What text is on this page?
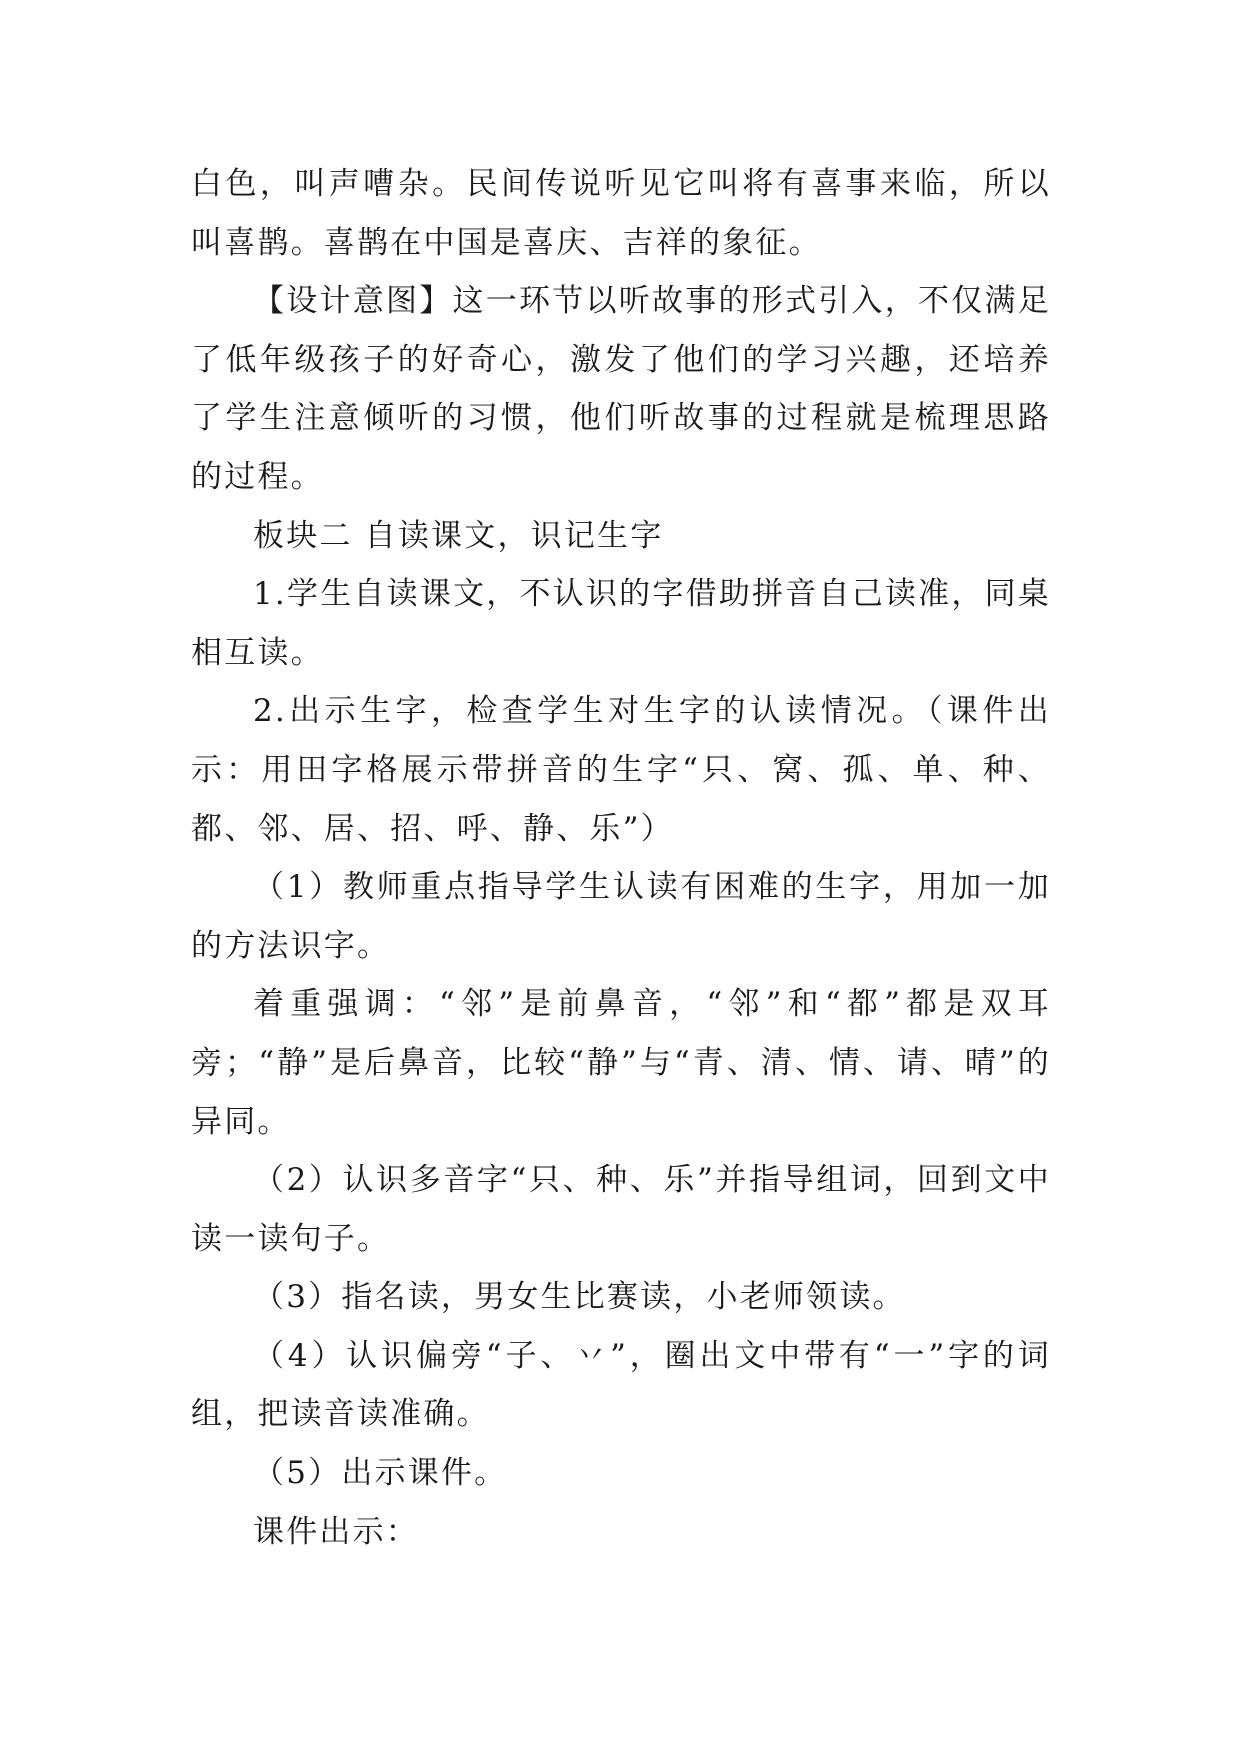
白色，叫声嘈杂。民间传说听见它叫将有喜事来临，所以叫喜鹊。喜鹊在中国是喜庆、吉祥的象征。

【设计意图】这一环节以听故事的形式引入，不仅满足了低年级孩子的好奇心，激发了他们的学习兴趣，还培养了学生注意倾听的习惯，他们听故事的过程就是梳理思路的过程。

板块二 自读课文，识记生字

1.学生自读课文，不认识的字借助拼音自己读准，同桌相互读。

2.出示生字，检查学生对生字的认读情况。（课件出示：用田字格展示带拼音的生字“只、窝、孤、单、种、都、邻、居、招、呼、静、乐”）

（1）教师重点指导学生认读有困难的生字，用加一加的方法识字。

着重强调：“邻”是前鼻音，“邻”和“都”都是双耳旁；“静”是后鼻音，比较“静”与“青、清、情、请、晴”的异同。

（2）认识多音字“只、种、乐”并指导组词，回到文中读一读句子。

（3）指名读，男女生比赛读，小老师领读。

（4）认识偏旁“子、丷”，圈出文中带有“一”字的词组，把读音读准确。

（5）出示课件。

课件出示：
